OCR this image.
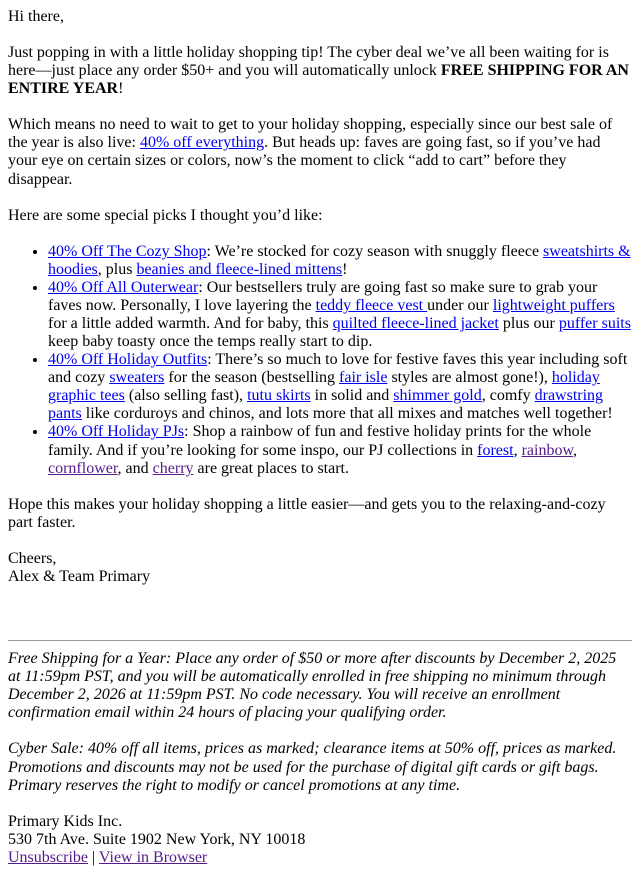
Hi there,

Just popping in with a little holiday shopping tip! The cyber deal we’ve all been waiting for is here—just place any order $50+ and you will automatically unlock FREE SHIPPING FOR AN ENTIRE YEAR!

Which means no need to wait to get to your holiday shopping, especially since our best sale of the year is also live: 40% off everything. But heads up: faves are going fast, so if you’ve had your eye on certain sizes or colors, now’s the moment to click “add to cart” before they disappear.

Here are some special picks I thought you’d like:

• 40% Off The Cozy Shop: We’re stocked for cozy season with snuggly fleece sweatshirts & hoodies, plus beanies and fleece-lined mittens!
• 40% Off All Outerwear: Our bestsellers truly are going fast so make sure to grab your faves now. Personally, I love layering the teddy fleece vest under our lightweight puffers for a little added warmth. And for baby, this quilted fleece-lined jacket plus our puffer suits keep baby toasty once the temps really start to dip.
• 40% Off Holiday Outfits: There’s so much to love for festive faves this year including soft and cozy sweaters for the season (bestselling fair isle styles are almost gone!), holiday graphic tees (also selling fast), tutu skirts in solid and shimmer gold, comfy drawstring pants like corduroys and chinos, and lots more that all mixes and matches well together!
• 40% Off Holiday PJs: Shop a rainbow of fun and festive holiday prints for the whole family. And if you’re looking for some inspo, our PJ collections in forest, rainbow, cornflower, and cherry are great places to start.

Hope this makes your holiday shopping a little easier—and gets you to the relaxing-and-cozy part faster.

Cheers,
Alex & Team Primary

Free Shipping for a Year: Place any order of $50 or more after discounts by December 2, 2025 at 11:59pm PST, and you will be automatically enrolled in free shipping no minimum through December 2, 2026 at 11:59pm PST. No code necessary. You will receive an enrollment confirmation email within 24 hours of placing your qualifying order.

Cyber Sale: 40% off all items, prices as marked; clearance items at 50% off, prices as marked. Promotions and discounts may not be used for the purchase of digital gift cards or gift bags. Primary reserves the right to modify or cancel promotions at any time.

Primary Kids Inc.
530 7th Ave. Suite 1902 New York, NY 10018
Unsubscribe | View in Browser
